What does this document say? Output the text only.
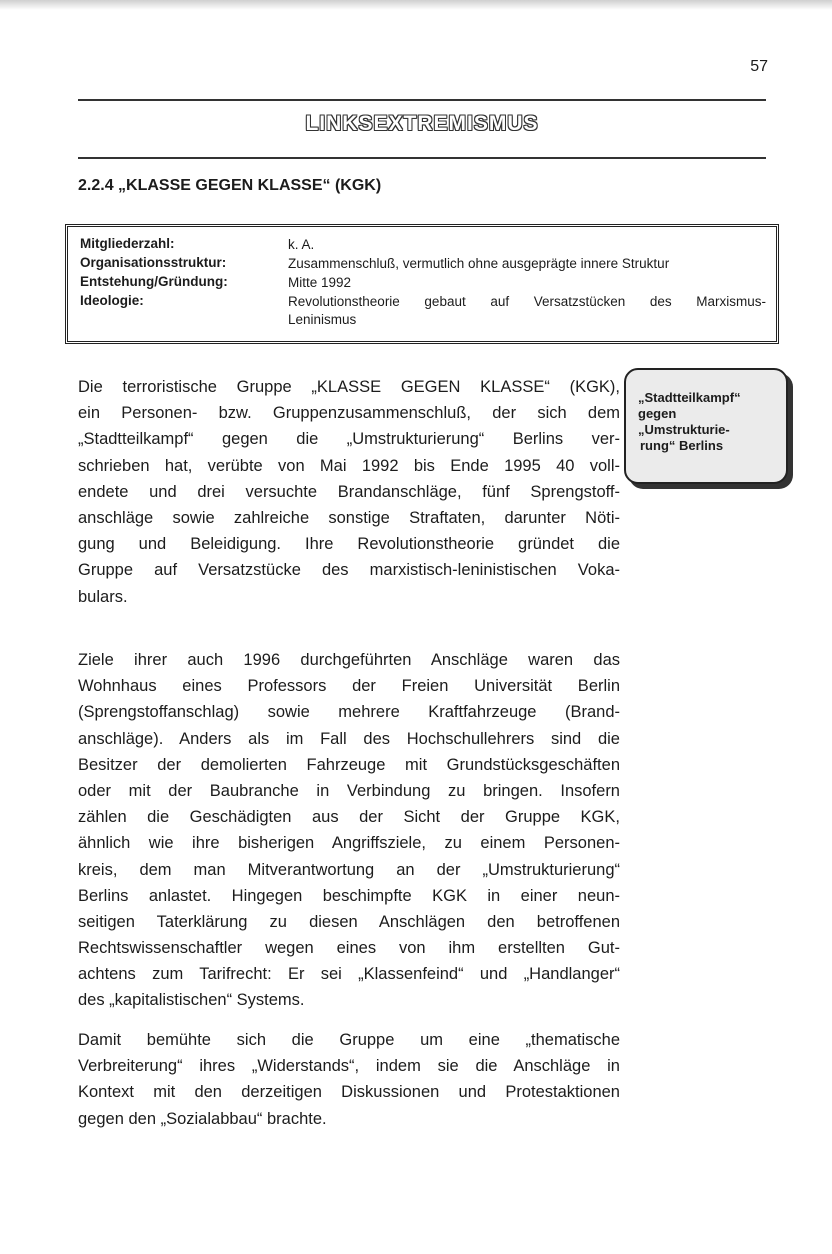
57
LINKSEXTREMISMUS
2.2.4 „KLASSE GEGEN KLASSE“ (KGK)
Mitgliederzahl:	k. A.
Organisationsstruktur:	Zusammenschluß, vermutlich ohne ausgeprägte innere Struktur
Entstehung/Gründung:	Mitte 1992
Ideologie:	Revolutionstheorie gebaut auf Versatzstücken des Marxismus-
Leninismus
„Stadtteilkampf“
gegen
„Umstrukturie-
rung“ Berlins
Die terroristische Gruppe „KLASSE GEGEN KLASSE“ (KGK),
ein Personen- bzw. Gruppenzusammenschluß, der sich dem
„Stadtteilkampf“ gegen die „Umstrukturierung“ Berlins ver-
schrieben hat, verübte von Mai 1992 bis Ende 1995 40 voll-
endete und drei versuchte Brandanschläge, fünf Sprengstoff-
anschläge sowie zahlreiche sonstige Straftaten, darunter Nöti-
gung und Beleidigung. Ihre Revolutionstheorie gründet die
Gruppe auf Versatzstücke des marxistisch-leninistischen Voka-
bulars.
Ziele ihrer auch 1996 durchgeführten Anschläge waren das
Wohnhaus eines Professors der Freien Universität Berlin
(Sprengstoffanschlag) sowie mehrere Kraftfahrzeuge (Brand-
anschläge). Anders als im Fall des Hochschullehrers sind die
Besitzer der demolierten Fahrzeuge mit Grundstücksgeschäften
oder mit der Baubranche in Verbindung zu bringen. Insofern
zählen die Geschädigten aus der Sicht der Gruppe KGK,
ähnlich wie ihre bisherigen Angriffsziele, zu einem Personen-
kreis, dem man Mitverantwortung an der „Umstrukturierung“
Berlins anlastet. Hingegen beschimpfte KGK in einer neun-
seitigen Taterklärung zu diesen Anschlägen den betroffenen
Rechtswissenschaftler wegen eines von ihm erstellten Gut-
achtens zum Tarifrecht: Er sei „Klassenfeind“ und „Handlanger“
des „kapitalistischen“ Systems.
Damit bemühte sich die Gruppe um eine „thematische
Verbreiterung“ ihres „Widerstands“, indem sie die Anschläge in
Kontext mit den derzeitigen Diskussionen und Protestaktionen
gegen den „Sozialabbau“ brachte.
